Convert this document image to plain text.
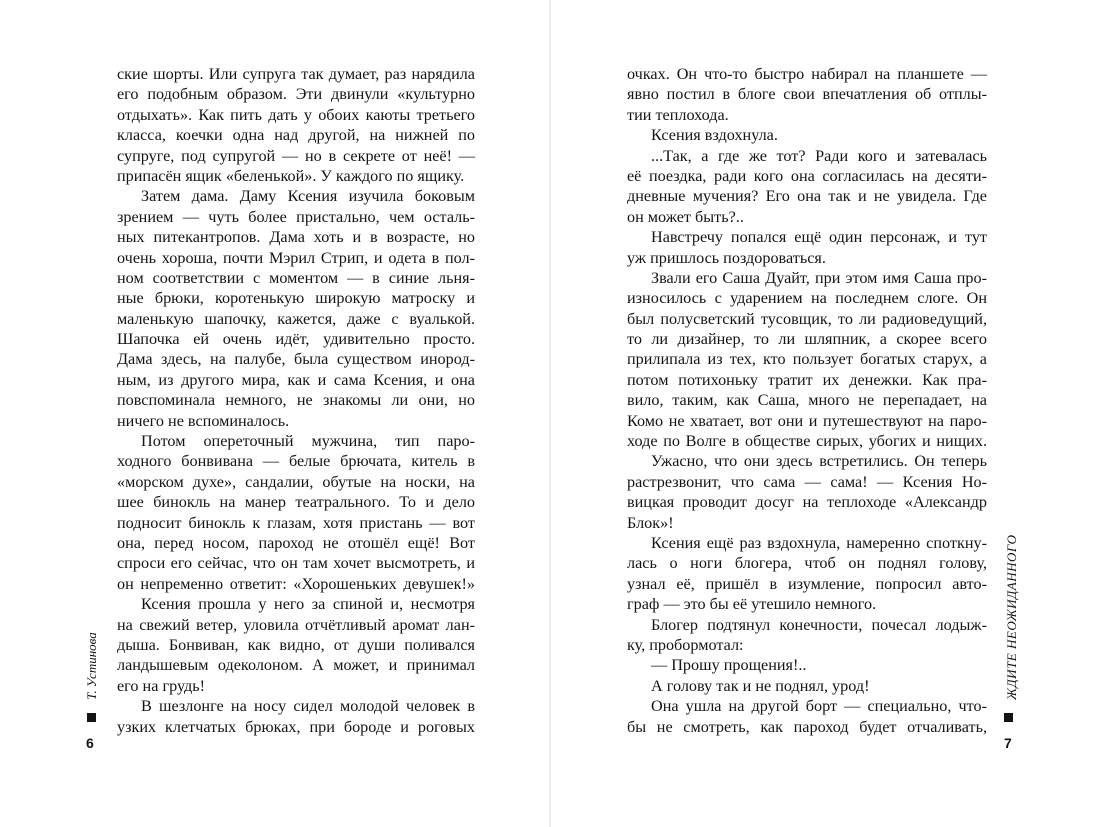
Т. Устинова
6
ские шорты. Или супруга так думает, раз нарядила
его подобным образом. Эти двинули «культурно
отдыхать». Как пить дать у обоих каюты третьего
класса, коечки одна над другой, на нижней по
супруге, под супругой — но в секрете от неё! —
припасён ящик «беленькой». У каждого по ящику.
Затем дама. Даму Ксения изучила боковым
зрением — чуть более пристально, чем осталь-
ных питекантропов. Дама хоть и в возрасте, но
очень хороша, почти Мэрил Стрип, и одета в пол-
ном соответствии с моментом — в синие льня-
ные брюки, коротенькую широкую матроску и
маленькую шапочку, кажется, даже с вуалькой.
Шапочка ей очень идёт, удивительно просто.
Дама здесь, на палубе, была существом инород-
ным, из другого мира, как и сама Ксения, и она
повспоминала немного, не знакомы ли они, но
ничего не вспоминалось.
Потом опереточный мужчина, тип паро-
ходного бонвивана — белые брючата, китель в
«морском духе», сандалии, обутые на носки, на
шее бинокль на манер театрального. То и дело
подносит бинокль к глазам, хотя пристань — вот
она, перед носом, пароход не отошёл ещё! Вот
спроси его сейчас, что он там хочет высмотреть, и
он непременно ответит: «Хорошеньких девушек!»
Ксения прошла у него за спиной и, несмотря
на свежий ветер, уловила отчётливый аромат лан-
дыша. Бонвиван, как видно, от души поливался
ландышевым одеколоном. А может, и принимал
его на грудь!
В шезлонге на носу сидел молодой человек в
узких клетчатых брюках, при бороде и роговых
очках. Он что-то быстро набирал на планшете —
явно постил в блоге свои впечатления об отплы-
тии теплохода.
Ксения вздохнула.
...Так, а где же тот? Ради кого и затевалась
её поездка, ради кого она согласилась на десяти-
дневные мучения? Его она так и не увидела. Где
он может быть?..
Навстречу попался ещё один персонаж, и тут
уж пришлось поздороваться.
Звали его Саша Дуайт, при этом имя Саша про-
износилось с ударением на последнем слоге. Он
был полусветский тусовщик, то ли радиоведущий,
то ли дизайнер, то ли шляпник, а скорее всего
прилипала из тех, кто пользует богатых старух, а
потом потихоньку тратит их денежки. Как пра-
вило, таким, как Саша, много не перепадает, на
Комо не хватает, вот они и путешествуют на паро-
ходе по Волге в обществе сирых, убогих и нищих.
Ужасно, что они здесь встретились. Он теперь
растрезвонит, что сама — сама! — Ксения Но-
вицкая проводит досуг на теплоходе «Александр
Блок»!
Ксения ещё раз вздохнула, намеренно споткну-
лась о ноги блогера, чтоб он поднял голову,
узнал её, пришёл в изумление, попросил авто-
граф — это бы её утешило немного.
Блогер подтянул конечности, почесал лодыж-
ку, пробормотал:
— Прошу прощения!..
А голову так и не поднял, урод!
Она ушла на другой борт — специально, что-
бы не смотреть, как пароход будет отчаливать,
ЖДИТЕ НЕОЖИДАННОГО
7
